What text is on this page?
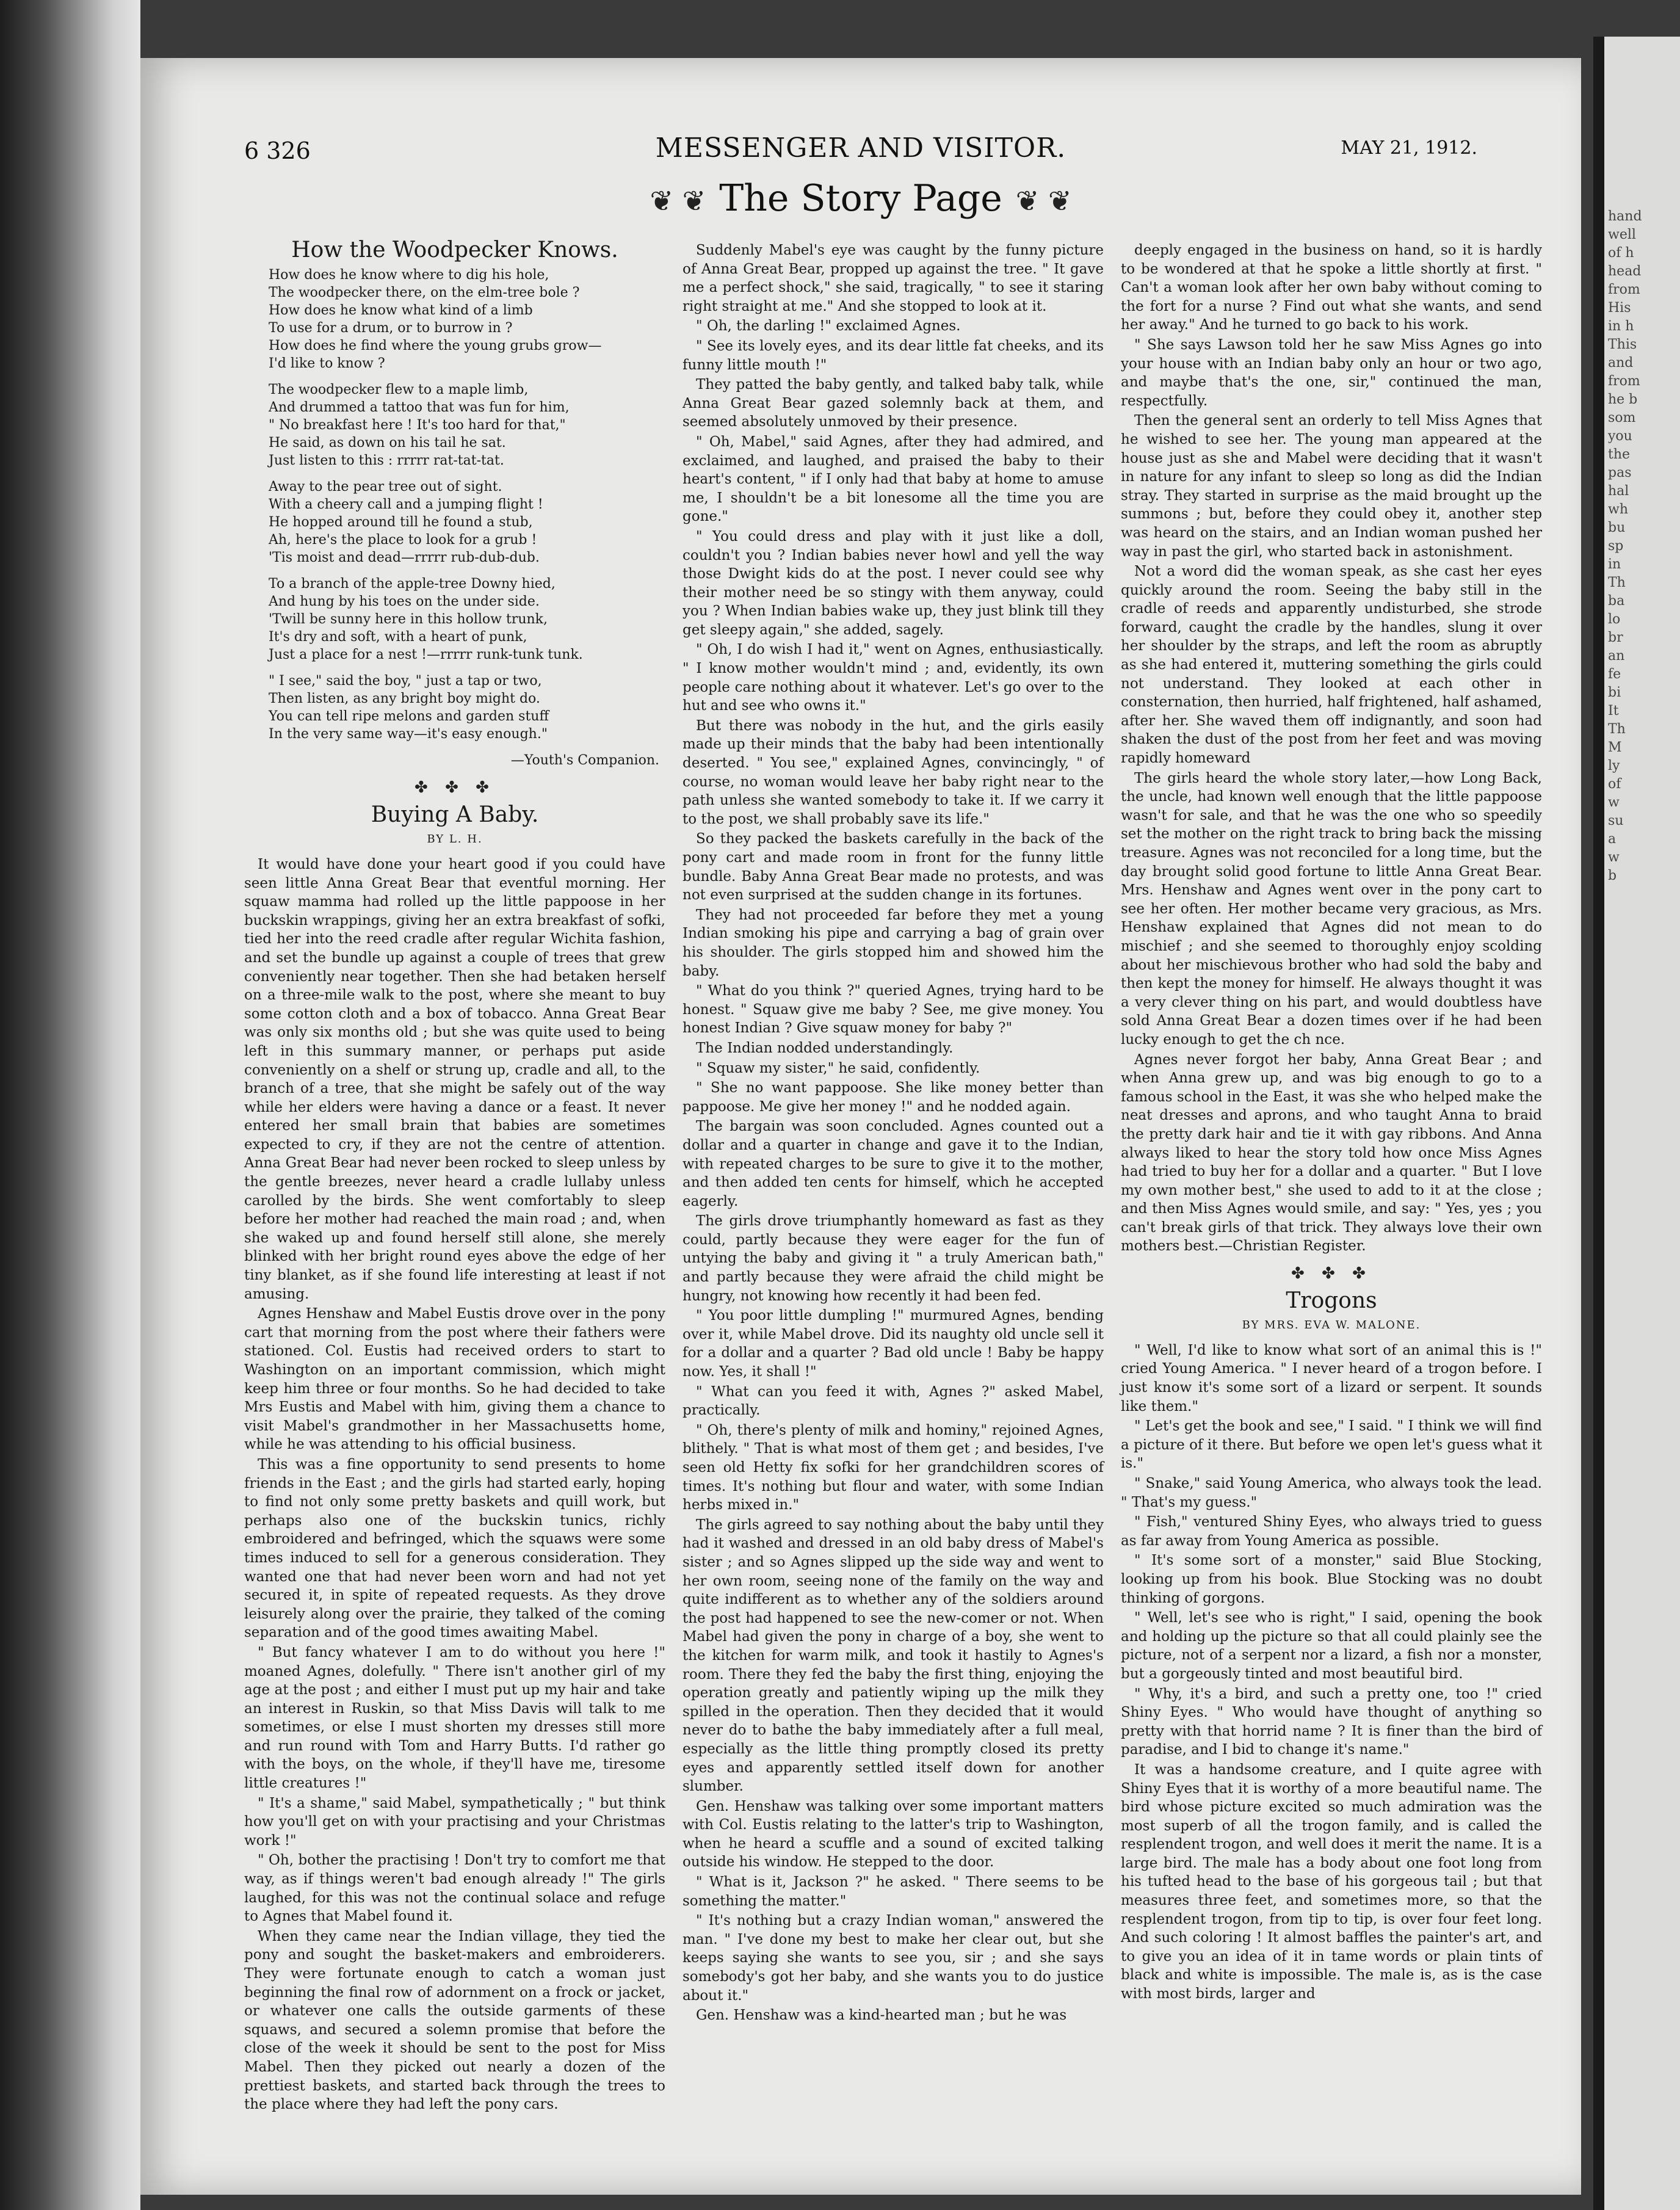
hand
well
of h
head
from
His
in h
This
and
from
he b
som
you
the
pas
hal
wh
bu
sp
in
Th
ba
lo
br
an
fe
bi
It
Th
M
ly
of
w
su
a
w
b
6 326	MESSENGER AND VISITOR.	MAY 21, 1912.
❦ ❦ The Story Page ❦ ❦
How the Woodpecker Knows.
How does he know where to dig his hole,
The woodpecker there, on the elm-tree bole ?
How does he know what kind of a limb
To use for a drum, or to burrow in ?
How does he find where the young grubs grow—
I'd like to know ?
The woodpecker flew to a maple limb,
And drummed a tattoo that was fun for him,
" No breakfast here ! It's too hard for that,"
He said, as down on his tail he sat.
Just listen to this : rrrrr rat-tat-tat.
Away to the pear tree out of sight.
With a cheery call and a jumping flight !
He hopped around till he found a stub,
Ah, here's the place to look for a grub !
'Tis moist and dead—rrrrr rub-dub-dub.
To a branch of the apple-tree Downy hied,
And hung by his toes on the under side.
'Twill be sunny here in this hollow trunk,
It's dry and soft, with a heart of punk,
Just a place for a nest !—rrrrr runk-tunk tunk.
" I see," said the boy, " just a tap or two,
Then listen, as any bright boy might do.
You can tell ripe melons and garden stuff
In the very same way—it's easy enough."
—Youth's Companion.
✤ ✤ ✤
Buying A Baby.
BY L. H.

It would have done your heart good if you could have seen little Anna Great Bear that eventful morning. Her squaw mamma had rolled up the little pappoose in her buckskin wrappings, giving her an extra breakfast of sofki, tied her into the reed cradle after regular Wichita fashion, and set the bundle up against a couple of trees that grew conveniently near together. Then she had betaken herself on a three-mile walk to the post, where she meant to buy some cotton cloth and a box of tobacco. Anna Great Bear was only six months old ; but she was quite used to being left in this summary manner, or perhaps put aside conveniently on a shelf or strung up, cradle and all, to the branch of a tree, that she might be safely out of the way while her elders were having a dance or a feast. It never entered her small brain that babies are sometimes expected to cry, if they are not the centre of attention. Anna Great Bear had never been rocked to sleep unless by the gentle breezes, never heard a cradle lullaby unless carolled by the birds. She went comfortably to sleep before her mother had reached the main road ; and, when she waked up and found herself still alone, she merely blinked with her bright round eyes above the edge of her tiny blanket, as if she found life interesting at least if not amusing.

Agnes Henshaw and Mabel Eustis drove over in the pony cart that morning from the post where their fathers were stationed. Col. Eustis had received orders to start to Washington on an important commission, which might keep him three or four months. So he had decided to take Mrs Eustis and Mabel with him, giving them a chance to visit Mabel's grandmother in her Massachusetts home, while he was attending to his official business.

This was a fine opportunity to send presents to home friends in the East ; and the girls had started early, hoping to find not only some pretty baskets and quill work, but perhaps also one of the buckskin tunics, richly embroidered and befringed, which the squaws were some times induced to sell for a generous consideration. They wanted one that had never been worn and had not yet secured it, in spite of repeated requests. As they drove leisurely along over the prairie, they talked of the coming separation and of the good times awaiting Mabel.

" But fancy whatever I am to do without you here !" moaned Agnes, dolefully. " There isn't another girl of my age at the post ; and either I must put up my hair and take an interest in Ruskin, so that Miss Davis will talk to me sometimes, or else I must shorten my dresses still more and run round with Tom and Harry Butts. I'd rather go with the boys, on the whole, if they'll have me, tiresome little creatures !"

" It's a shame," said Mabel, sympathetically ; " but think how you'll get on with your practising and your Christmas work !"

" Oh, bother the practising ! Don't try to comfort me that way, as if things weren't bad enough already !" The girls laughed, for this was not the continual solace and refuge to Agnes that Mabel found it.

When they came near the Indian village, they tied the pony and sought the basket-makers and embroiderers. They were fortunate enough to catch a woman just beginning the final row of adornment on a frock or jacket, or whatever one calls the outside garments of these squaws, and secured a solemn promise that before the close of the week it should be sent to the post for Miss Mabel. Then they picked out nearly a dozen of the prettiest baskets, and started back through the trees to the place where they had left the pony cars.

Suddenly Mabel's eye was caught by the funny picture of Anna Great Bear, propped up against the tree. " It gave me a perfect shock," she said, tragically, " to see it staring right straight at me." And she stopped to look at it.

" Oh, the darling !" exclaimed Agnes.

" See its lovely eyes, and its dear little fat cheeks, and its funny little mouth !"

They patted the baby gently, and talked baby talk, while Anna Great Bear gazed solemnly back at them, and seemed absolutely unmoved by their presence.

" Oh, Mabel," said Agnes, after they had admired, and exclaimed, and laughed, and praised the baby to their heart's content, " if I only had that baby at home to amuse me, I shouldn't be a bit lonesome all the time you are gone."

" You could dress and play with it just like a doll, couldn't you ? Indian babies never howl and yell the way those Dwight kids do at the post. I never could see why their mother need be so stingy with them anyway, could you ? When Indian babies wake up, they just blink till they get sleepy again," she added, sagely.

" Oh, I do wish I had it," went on Agnes, enthusiastically. " I know mother wouldn't mind ; and, evidently, its own people care nothing about it whatever. Let's go over to the hut and see who owns it."

But there was nobody in the hut, and the girls easily made up their minds that the baby had been intentionally deserted. " You see," explained Agnes, convincingly, " of course, no woman would leave her baby right near to the path unless she wanted somebody to take it. If we carry it to the post, we shall probably save its life."

So they packed the baskets carefully in the back of the pony cart and made room in front for the funny little bundle. Baby Anna Great Bear made no protests, and was not even surprised at the sudden change in its fortunes.

They had not proceeded far before they met a young Indian smoking his pipe and carrying a bag of grain over his shoulder. The girls stopped him and showed him the baby.

" What do you think ?" queried Agnes, trying hard to be honest. " Squaw give me baby ? See, me give money. You honest Indian ? Give squaw money for baby ?"

The Indian nodded understandingly.

" Squaw my sister," he said, confidently.

" She no want pappoose. She like money better than pappoose. Me give her money !" and he nodded again.

The bargain was soon concluded. Agnes counted out a dollar and a quarter in change and gave it to the Indian, with repeated charges to be sure to give it to the mother, and then added ten cents for himself, which he accepted eagerly.

The girls drove triumphantly homeward as fast as they could, partly because they were eager for the fun of untying the baby and giving it " a truly American bath," and partly because they were afraid the child might be hungry, not knowing how recently it had been fed.

" You poor little dumpling !" murmured Agnes, bending over it, while Mabel drove. Did its naughty old uncle sell it for a dollar and a quarter ? Bad old uncle ! Baby be happy now. Yes, it shall !"

" What can you feed it with, Agnes ?" asked Mabel, practically.

" Oh, there's plenty of milk and hominy," rejoined Agnes, blithely. " That is what most of them get ; and besides, I've seen old Hetty fix sofki for her grandchildren scores of times. It's nothing but flour and water, with some Indian herbs mixed in."

The girls agreed to say nothing about the baby until they had it washed and dressed in an old baby dress of Mabel's sister ; and so Agnes slipped up the side way and went to her own room, seeing none of the family on the way and quite indifferent as to whether any of the soldiers around the post had happened to see the new-comer or not. When Mabel had given the pony in charge of a boy, she went to the kitchen for warm milk, and took it hastily to Agnes's room. There they fed the baby the first thing, enjoying the operation greatly and patiently wiping up the milk they spilled in the operation. Then they decided that it would never do to bathe the baby immediately after a full meal, especially as the little thing promptly closed its pretty eyes and apparently settled itself down for another slumber.

Gen. Henshaw was talking over some important matters with Col. Eustis relating to the latter's trip to Washington, when he heard a scuffle and a sound of excited talking outside his window. He stepped to the door.

" What is it, Jackson ?" he asked. " There seems to be something the matter."

" It's nothing but a crazy Indian woman," answered the man. " I've done my best to make her clear out, but she keeps saying she wants to see you, sir ; and she says somebody's got her baby, and she wants you to do justice about it."

Gen. Henshaw was a kind-hearted man ; but he was

deeply engaged in the business on hand, so it is hardly to be wondered at that he spoke a little shortly at first. " Can't a woman look after her own baby without coming to the fort for a nurse ? Find out what she wants, and send her away." And he turned to go back to his work.

" She says Lawson told her he saw Miss Agnes go into your house with an Indian baby only an hour or two ago, and maybe that's the one, sir," continued the man, respectfully.

Then the general sent an orderly to tell Miss Agnes that he wished to see her. The young man appeared at the house just as she and Mabel were deciding that it wasn't in nature for any infant to sleep so long as did the Indian stray. They started in surprise as the maid brought up the summons ; but, before they could obey it, another step was heard on the stairs, and an Indian woman pushed her way in past the girl, who started back in astonishment.

Not a word did the woman speak, as she cast her eyes quickly around the room. Seeing the baby still in the cradle of reeds and apparently undisturbed, she strode forward, caught the cradle by the handles, slung it over her shoulder by the straps, and left the room as abruptly as she had entered it, muttering something the girls could not understand. They looked at each other in consternation, then hurried, half frightened, half ashamed, after her. She waved them off indignantly, and soon had shaken the dust of the post from her feet and was moving rapidly homeward

The girls heard the whole story later,—how Long Back, the uncle, had known well enough that the little pappoose wasn't for sale, and that he was the one who so speedily set the mother on the right track to bring back the missing treasure. Agnes was not reconciled for a long time, but the day brought solid good fortune to little Anna Great Bear. Mrs. Henshaw and Agnes went over in the pony cart to see her often. Her mother became very gracious, as Mrs. Henshaw explained that Agnes did not mean to do mischief ; and she seemed to thoroughly enjoy scolding about her mischievous brother who had sold the baby and then kept the money for himself. He always thought it was a very clever thing on his part, and would doubtless have sold Anna Great Bear a dozen times over if he had been lucky enough to get the ch nce.

Agnes never forgot her baby, Anna Great Bear ; and when Anna grew up, and was big enough to go to a famous school in the East, it was she who helped make the neat dresses and aprons, and who taught Anna to braid the pretty dark hair and tie it with gay ribbons. And Anna always liked to hear the story told how once Miss Agnes had tried to buy her for a dollar and a quarter. " But I love my own mother best," she used to add to it at the close ; and then Miss Agnes would smile, and say: " Yes, yes ; you can't break girls of that trick. They always love their own mothers best.—Christian Register.

✤ ✤ ✤
Trogons
BY MRS. EVA W. MALONE.

" Well, I'd like to know what sort of an animal this is !" cried Young America. " I never heard of a trogon before. I just know it's some sort of a lizard or serpent. It sounds like them."

" Let's get the book and see," I said. " I think we will find a picture of it there. But before we open let's guess what it is."

" Snake," said Young America, who always took the lead. " That's my guess."

" Fish," ventured Shiny Eyes, who always tried to guess as far away from Young America as possible.

" It's some sort of a monster," said Blue Stocking, looking up from his book. Blue Stocking was no doubt thinking of gorgons.

" Well, let's see who is right," I said, opening the book and holding up the picture so that all could plainly see the picture, not of a serpent nor a lizard, a fish nor a monster, but a gorgeously tinted and most beautiful bird.

" Why, it's a bird, and such a pretty one, too !" cried Shiny Eyes. " Who would have thought of anything so pretty with that horrid name ? It is finer than the bird of paradise, and I bid to change it's name."

It was a handsome creature, and I quite agree with Shiny Eyes that it is worthy of a more beautiful name. The bird whose picture excited so much admiration was the most superb of all the trogon family, and is called the resplendent trogon, and well does it merit the name. It is a large bird. The male has a body about one foot long from his tufted head to the base of his gorgeous tail ; but that measures three feet, and sometimes more, so that the resplendent trogon, from tip to tip, is over four feet long. And such coloring ! It almost baffles the painter's art, and to give you an idea of it in tame words or plain tints of black and white is impossible. The male is, as is the case with most birds, larger and
